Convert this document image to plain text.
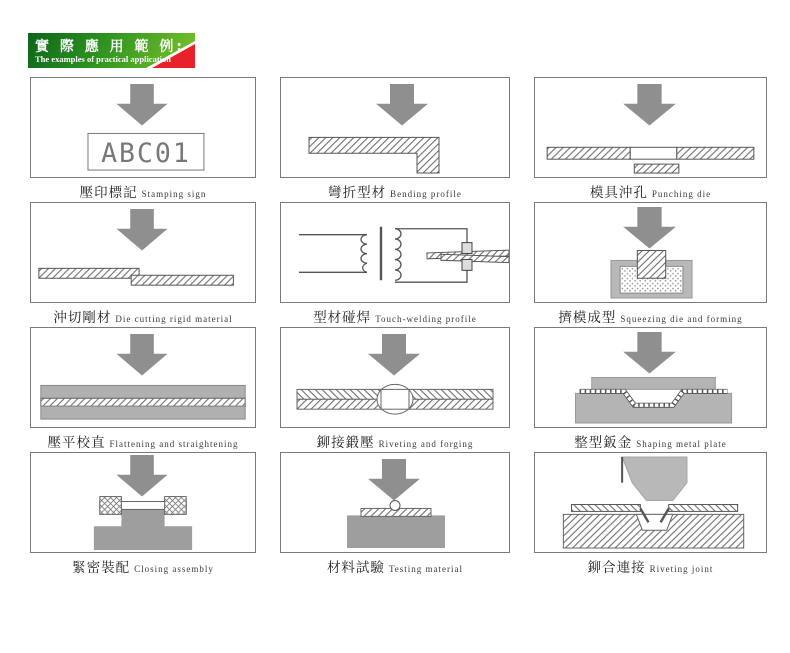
實 際 應 用 範 例:
The examples of practical application
ABC01
壓印標記 Stamping sign	彎折型材 Bending profile	模具沖孔 Punching die
沖切剛材 Die cutting rigid material	型材碰焊 Touch-welding profile	擠模成型 Squeezing die and forming
壓平校直 Flattening and straightening	鉚接鍛壓 Riveting and forging	整型鈑金 Shaping metal plate
緊密裝配 Closing assembly	材料試驗 Testing material	鉚合連接 Riveting joint
